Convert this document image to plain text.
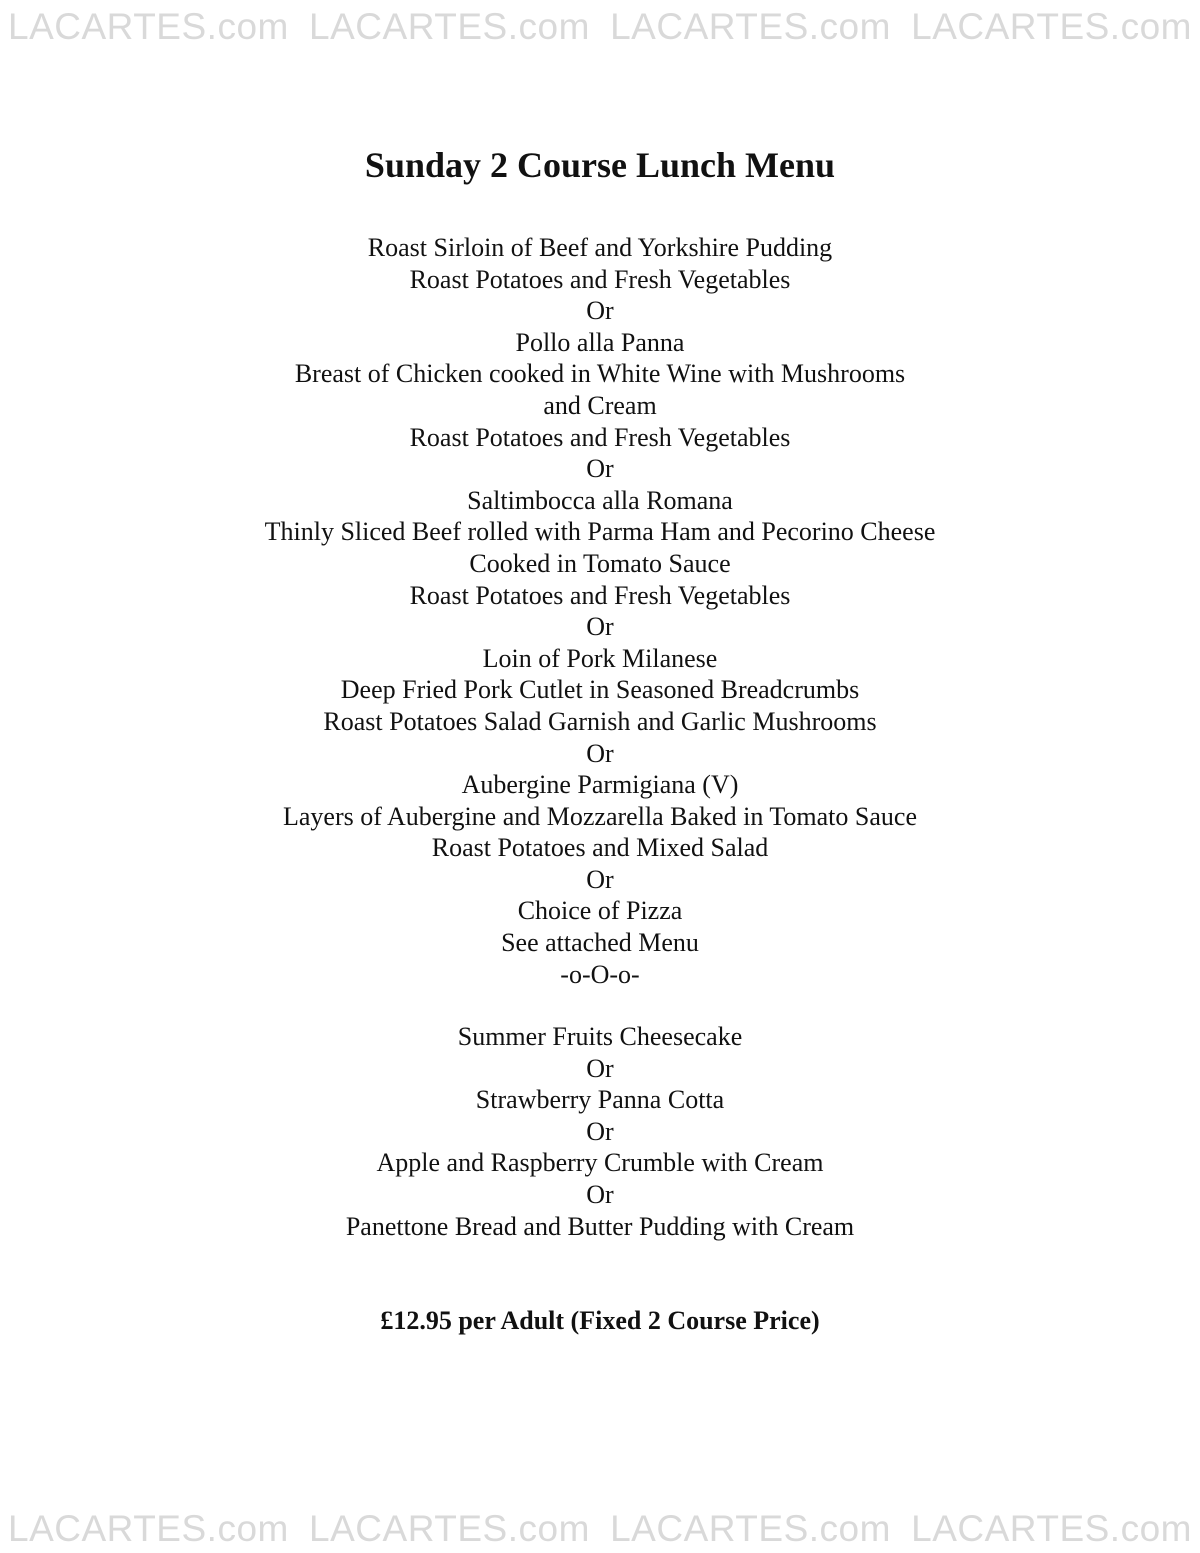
LACARTES.com LACARTES.com LACARTES.com LACARTES.com
Sunday 2 Course Lunch Menu
Roast Sirloin of Beef and Yorkshire Pudding
Roast Potatoes and Fresh Vegetables
Or
Pollo alla Panna
Breast of Chicken cooked in White Wine with Mushrooms
and Cream
Roast Potatoes and Fresh Vegetables
Or
Saltimbocca alla Romana
Thinly Sliced Beef rolled with Parma Ham and Pecorino Cheese
Cooked in Tomato Sauce
Roast Potatoes and Fresh Vegetables
Or
Loin of Pork Milanese
Deep Fried Pork Cutlet in Seasoned Breadcrumbs
Roast Potatoes Salad Garnish and Garlic Mushrooms
Or
Aubergine Parmigiana (V)
Layers of Aubergine and Mozzarella Baked in Tomato Sauce
Roast Potatoes and Mixed Salad
Or
Choice of Pizza
See attached Menu
-o-O-o-
Summer Fruits Cheesecake
Or
Strawberry Panna Cotta
Or
Apple and Raspberry Crumble with Cream
Or
Panettone Bread and Butter Pudding with Cream
£12.95 per Adult (Fixed 2 Course Price)
LACARTES.com LACARTES.com LACARTES.com LACARTES.com
